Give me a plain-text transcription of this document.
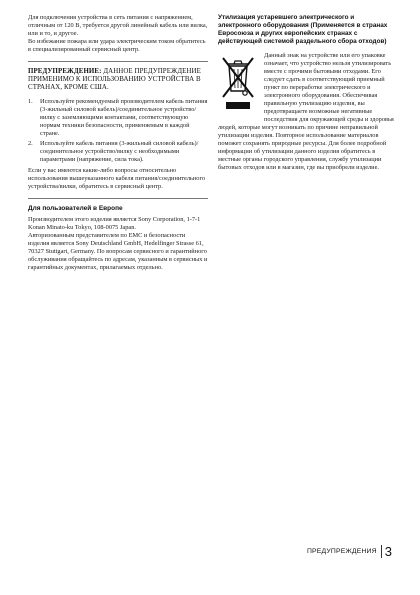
Для подключения устройства в сеть питания с напряжением, отличным от 120 В, требуется другой линейный кабель или вилка, или и то, и другое.

Во избежание пожара или удара электрическим током обратитесь в специализированный сервисный центр.

ПРЕДУПРЕЖДЕНИЕ: ДАННОЕ ПРЕДУПРЕЖДЕНИЕ ПРИМЕНИМО К ИСПОЛЬЗОВАНИЮ УСТРОЙСТВА В СТРАНАХ, КРОМЕ США.

1. Используйте рекомендуемый производителем кабель питания (3-жильный силовой кабель)/соединительное устройство/вилку с заземляющими контактами, соответствующую нормам техники безопасности, применяемым в каждой стране.
2. Используйте кабель питания (3-жильный силовой кабель)/соединительное устройство/вилку с необходимыми параметрами (напряжение, сила тока).

Если у вас имеются какие-либо вопросы относительно использования вышеуказанного кабеля питания/соединительного устройства/вилки, обратитесь в сервисный центр.

Для пользователей в Европе

Производителем этого изделия является Sony Corporation, 1-7-1 Konan Minato-ku Tokyo, 108-0075 Japan.

Авторизованным представителем по EMC и безопасности изделия является Sony Deutschland GmbH, Hedelfinger Strasse 61, 70327 Stuttgart, Germany. По вопросам сервисного и гарантийного обслуживания обращайтесь по адресам, указанным в сервисных и гарантийных документах, прилагаемых отдельно.

Утилизация устаревшего электрического и электронного оборудования (Применяется в странах Евросоюза и других европейских странах с действующей системой раздельного сбора отходов)

Данный знак на устройстве или его упаковке означает, что устройство нельзя утилизировать вместе с прочими бытовыми отходами. Его следует сдать в соответствующий приемный пункт по переработке электрического и электронного оборудования. Обеспечивая правильную утилизацию изделия, вы предотвращаете возможные негативные последствия для окружающей среды и здоровья людей, которые могут возникать по причине неправильной утилизации изделия. Повторное использование материалов поможет сохранять природные ресурсы. Для более подробной информации об утилизации данного изделия обратитесь в местные органы городского управления, службу утилизации бытовых отходов или в магазин, где вы приобрели изделие.

ПРЕДУПРЕЖДЕНИЯ 3
